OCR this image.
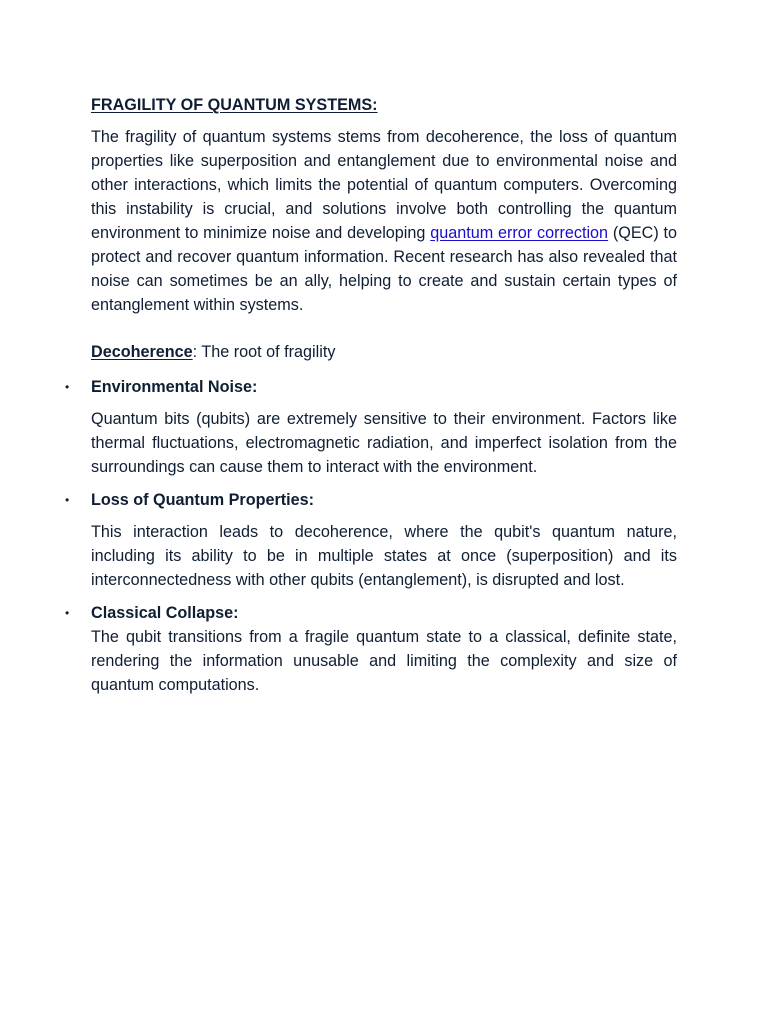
FRAGILITY OF QUANTUM SYSTEMS:

The fragility of quantum systems stems from decoherence, the loss of quantum properties like superposition and entanglement due to environmental noise and other interactions, which limits the potential of quantum computers. Overcoming this instability is crucial, and solutions involve both controlling the quantum environment to minimize noise and developing quantum error correction (QEC) to protect and recover quantum information. Recent research has also revealed that noise can sometimes be an ally, helping to create and sustain certain types of entanglement within systems.

Decoherence: The root of fragility

• Environmental Noise:

Quantum bits (qubits) are extremely sensitive to their environment. Factors like thermal fluctuations, electromagnetic radiation, and imperfect isolation from the surroundings can cause them to interact with the environment.

• Loss of Quantum Properties:

This interaction leads to decoherence, where the qubit's quantum nature, including its ability to be in multiple states at once (superposition) and its interconnectedness with other qubits (entanglement), is disrupted and lost.

• Classical Collapse:

The qubit transitions from a fragile quantum state to a classical, definite state, rendering the information unusable and limiting the complexity and size of quantum computations.
